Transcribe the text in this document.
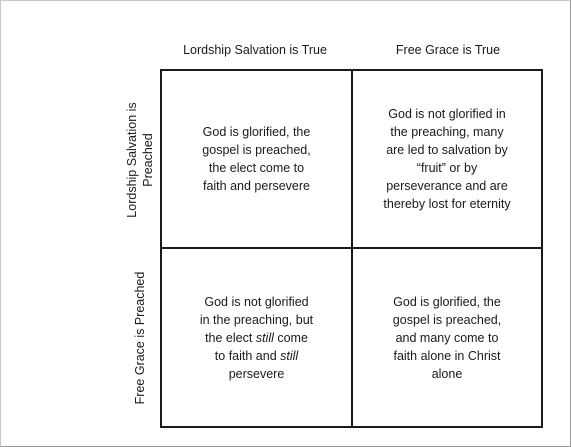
Lordship Salvation is True	Free Grace is True
Lordship Salvation is Preached
Free Grace is Preached
God is glorified, the
gospel is preached,
the elect come to
faith and persevere
God is not glorified in
the preaching, many
are led to salvation by
“fruit” or by
perseverance and are
thereby lost for eternity
God is not glorified
in the preaching, but
the elect still come
to faith and still
persevere
God is glorified, the
gospel is preached,
and many come to
faith alone in Christ
alone
